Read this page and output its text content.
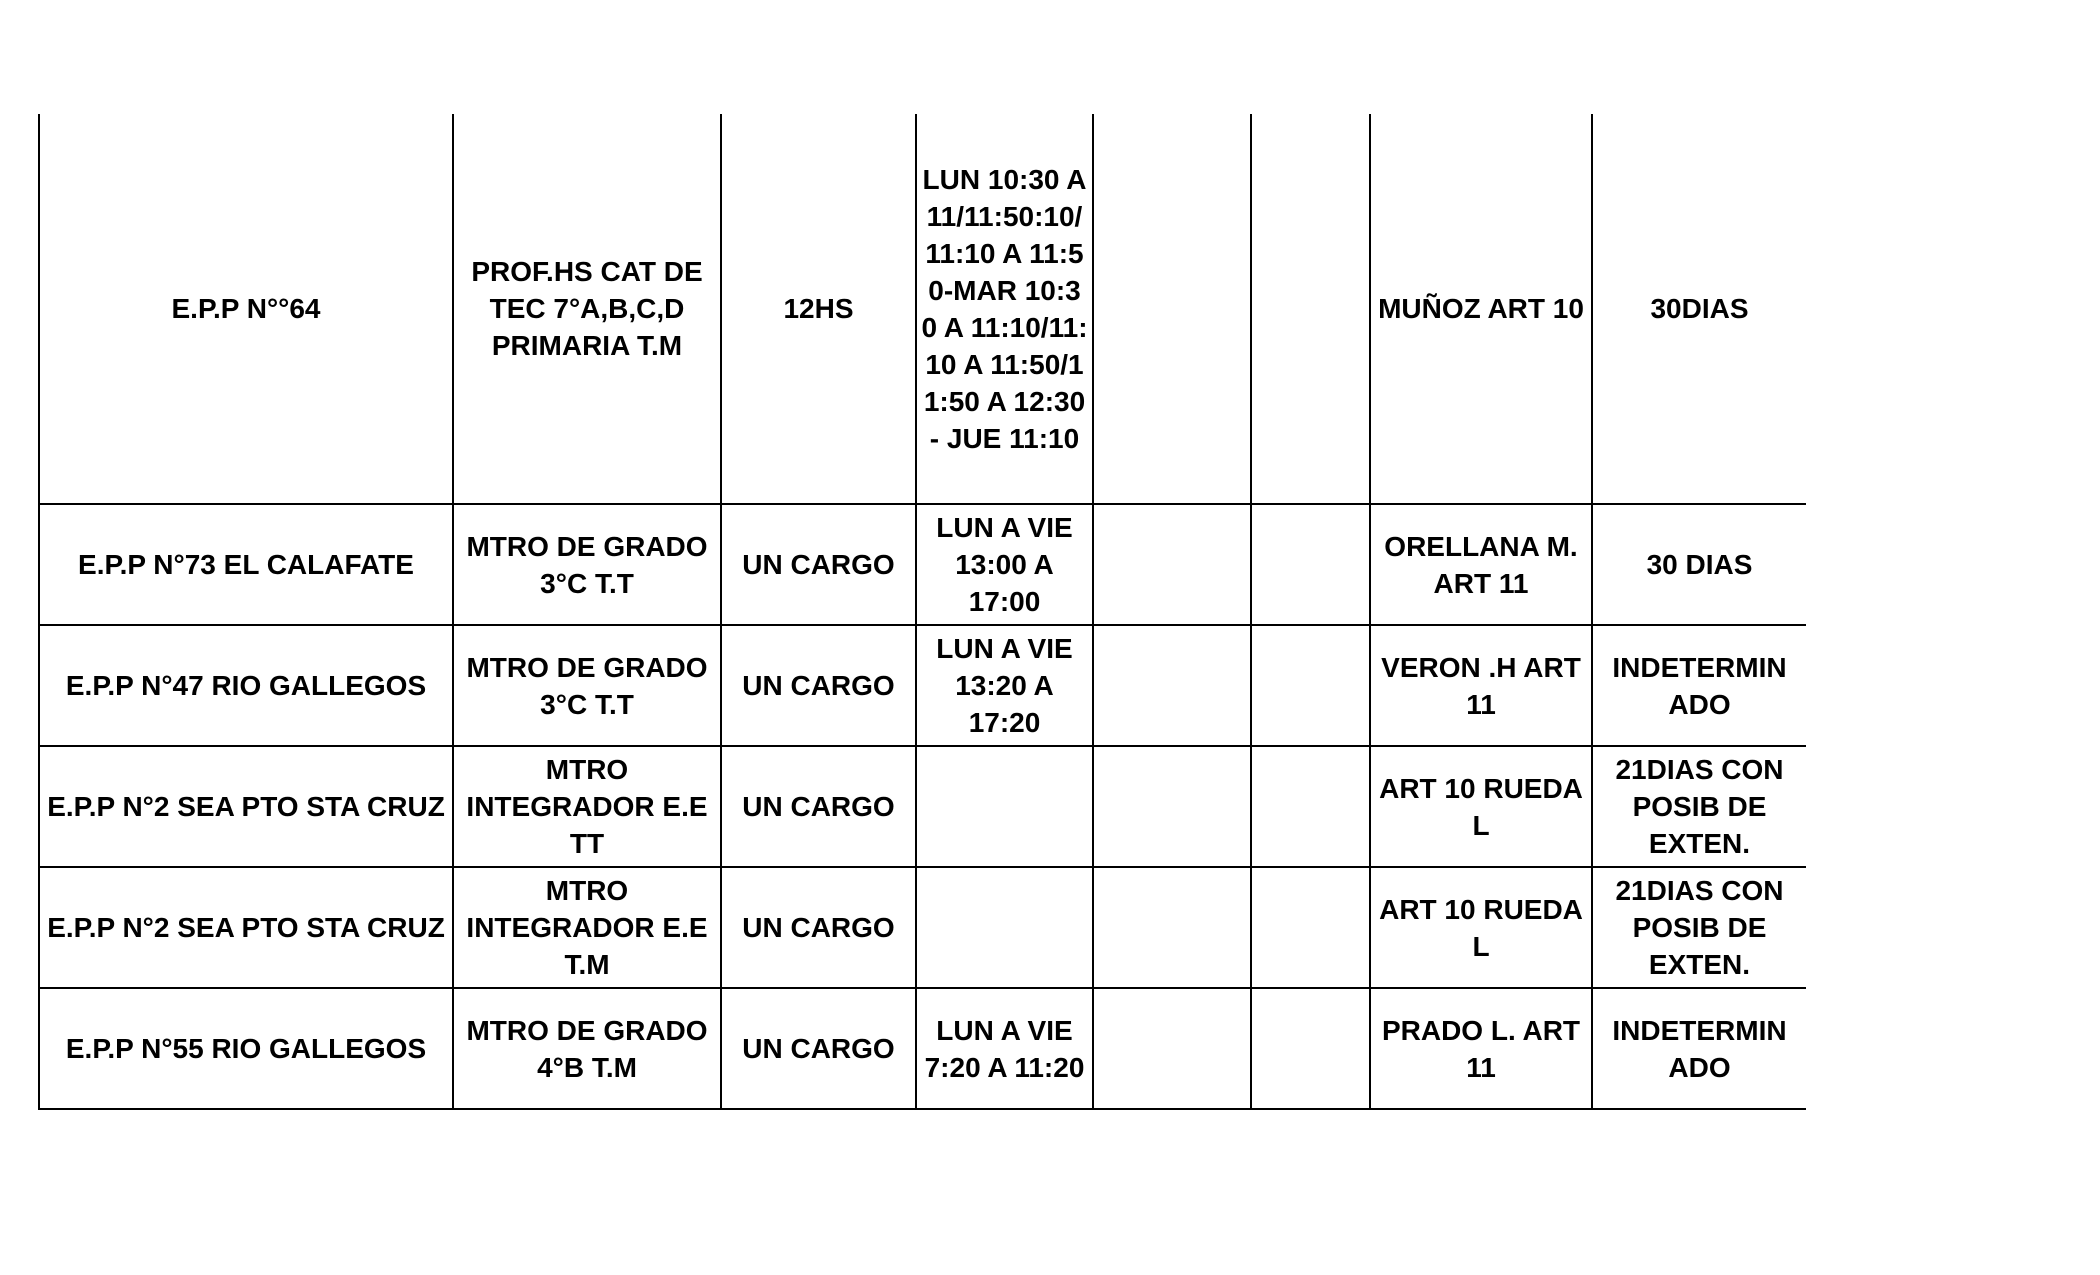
E.P.P N°°64	PROF.HS CAT DE TEC 7°A,B,C,D PRIMARIA T.M	12HS	LUN 10:30 A 11/11:50:10/ 11:10 A 11:50-MAR 10:30 A 11:10/11:10 A 11:50/11:50 A 12:30- JUE 11:10			MUÑOZ ART 10	30DIAS
E.P.P N°73 EL CALAFATE	MTRO DE GRADO 3°C T.T	UN CARGO	LUN A VIE 13:00 A 17:00			ORELLANA M. ART 11	30 DIAS
E.P.P N°47 RIO GALLEGOS	MTRO DE GRADO 3°C T.T	UN CARGO	LUN A VIE 13:20 A 17:20			VERON .H ART 11	INDETERMIN ADO
E.P.P N°2 SEA PTO STA CRUZ	MTRO INTEGRADOR E.E TT	UN CARGO				ART 10 RUEDA L	21DIAS CON POSIB DE EXTEN.
E.P.P N°2 SEA PTO STA CRUZ	MTRO INTEGRADOR E.E T.M	UN CARGO				ART 10 RUEDA L	21DIAS CON POSIB DE EXTEN.
E.P.P N°55 RIO GALLEGOS	MTRO DE GRADO 4°B T.M	UN CARGO	LUN A VIE 7:20 A 11:20			PRADO L. ART 11	INDETERMIN ADO
